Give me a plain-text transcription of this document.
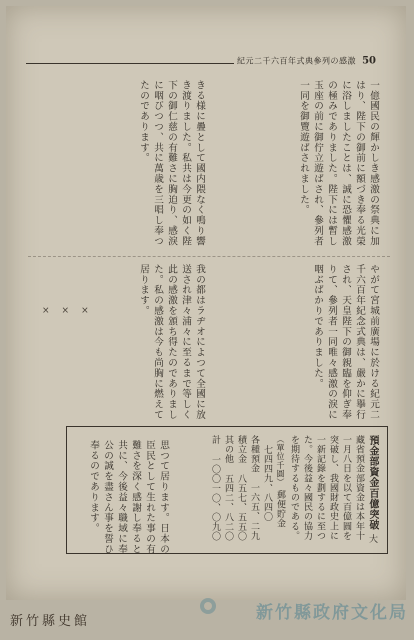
紀元二千六百年式典參列の感激 50
一億國民の輝かしき感激の祭典に加はり、陛下の御前に額づき奉る光榮に浴しましたことは、誠に恐懼感激の極みでありました。陛下には暫し玉座の前に御佇立遊ばされ、參列者一同を御覽遊ばされました。
きる様に疊として國内隈なく鳴り響き渡りました。私共は今更の如く陛下の御仁慈の有難さに胸迫り、感淚に咽びつつ、共に萬歳を三唱し奉つたのであります。
やがて宮城前廣場に於ける紀元二千六百年紀念式典は、嚴かに擧行され、天皇陛下の御親臨を仰ぎ奉りて、參列者一同唯々感激の淚に咽ぶばかりでありました。
我の都はラヂオによつて全國に放送され津々浦々に至るまで等しく此の感激を頒ち得たのでありました。私の感激は今も尚胸に燃えて居ります。
×××
思つて居ります。日本の臣民として生れた事の有難さを深く感謝し奉ると共に、今後益々職域に奉公の誠を盡さん事を誓ひ奉るのであります。	預金部資金百億突破 大藏省預金部資金は本年十一月八日を以て百億圓を突破し、我國財政史上に一新記錄を劃するに至つた。今後益々國民の協力を期待するものである。 （單位千圓） 郵便貯金七四四九、八四〇 各種預金一六五、二九 積立金八五七、五五〇 其の他五四二、八二〇 計一〇〇一〇、〇九〇
新竹縣史館	新竹縣政府文化局
